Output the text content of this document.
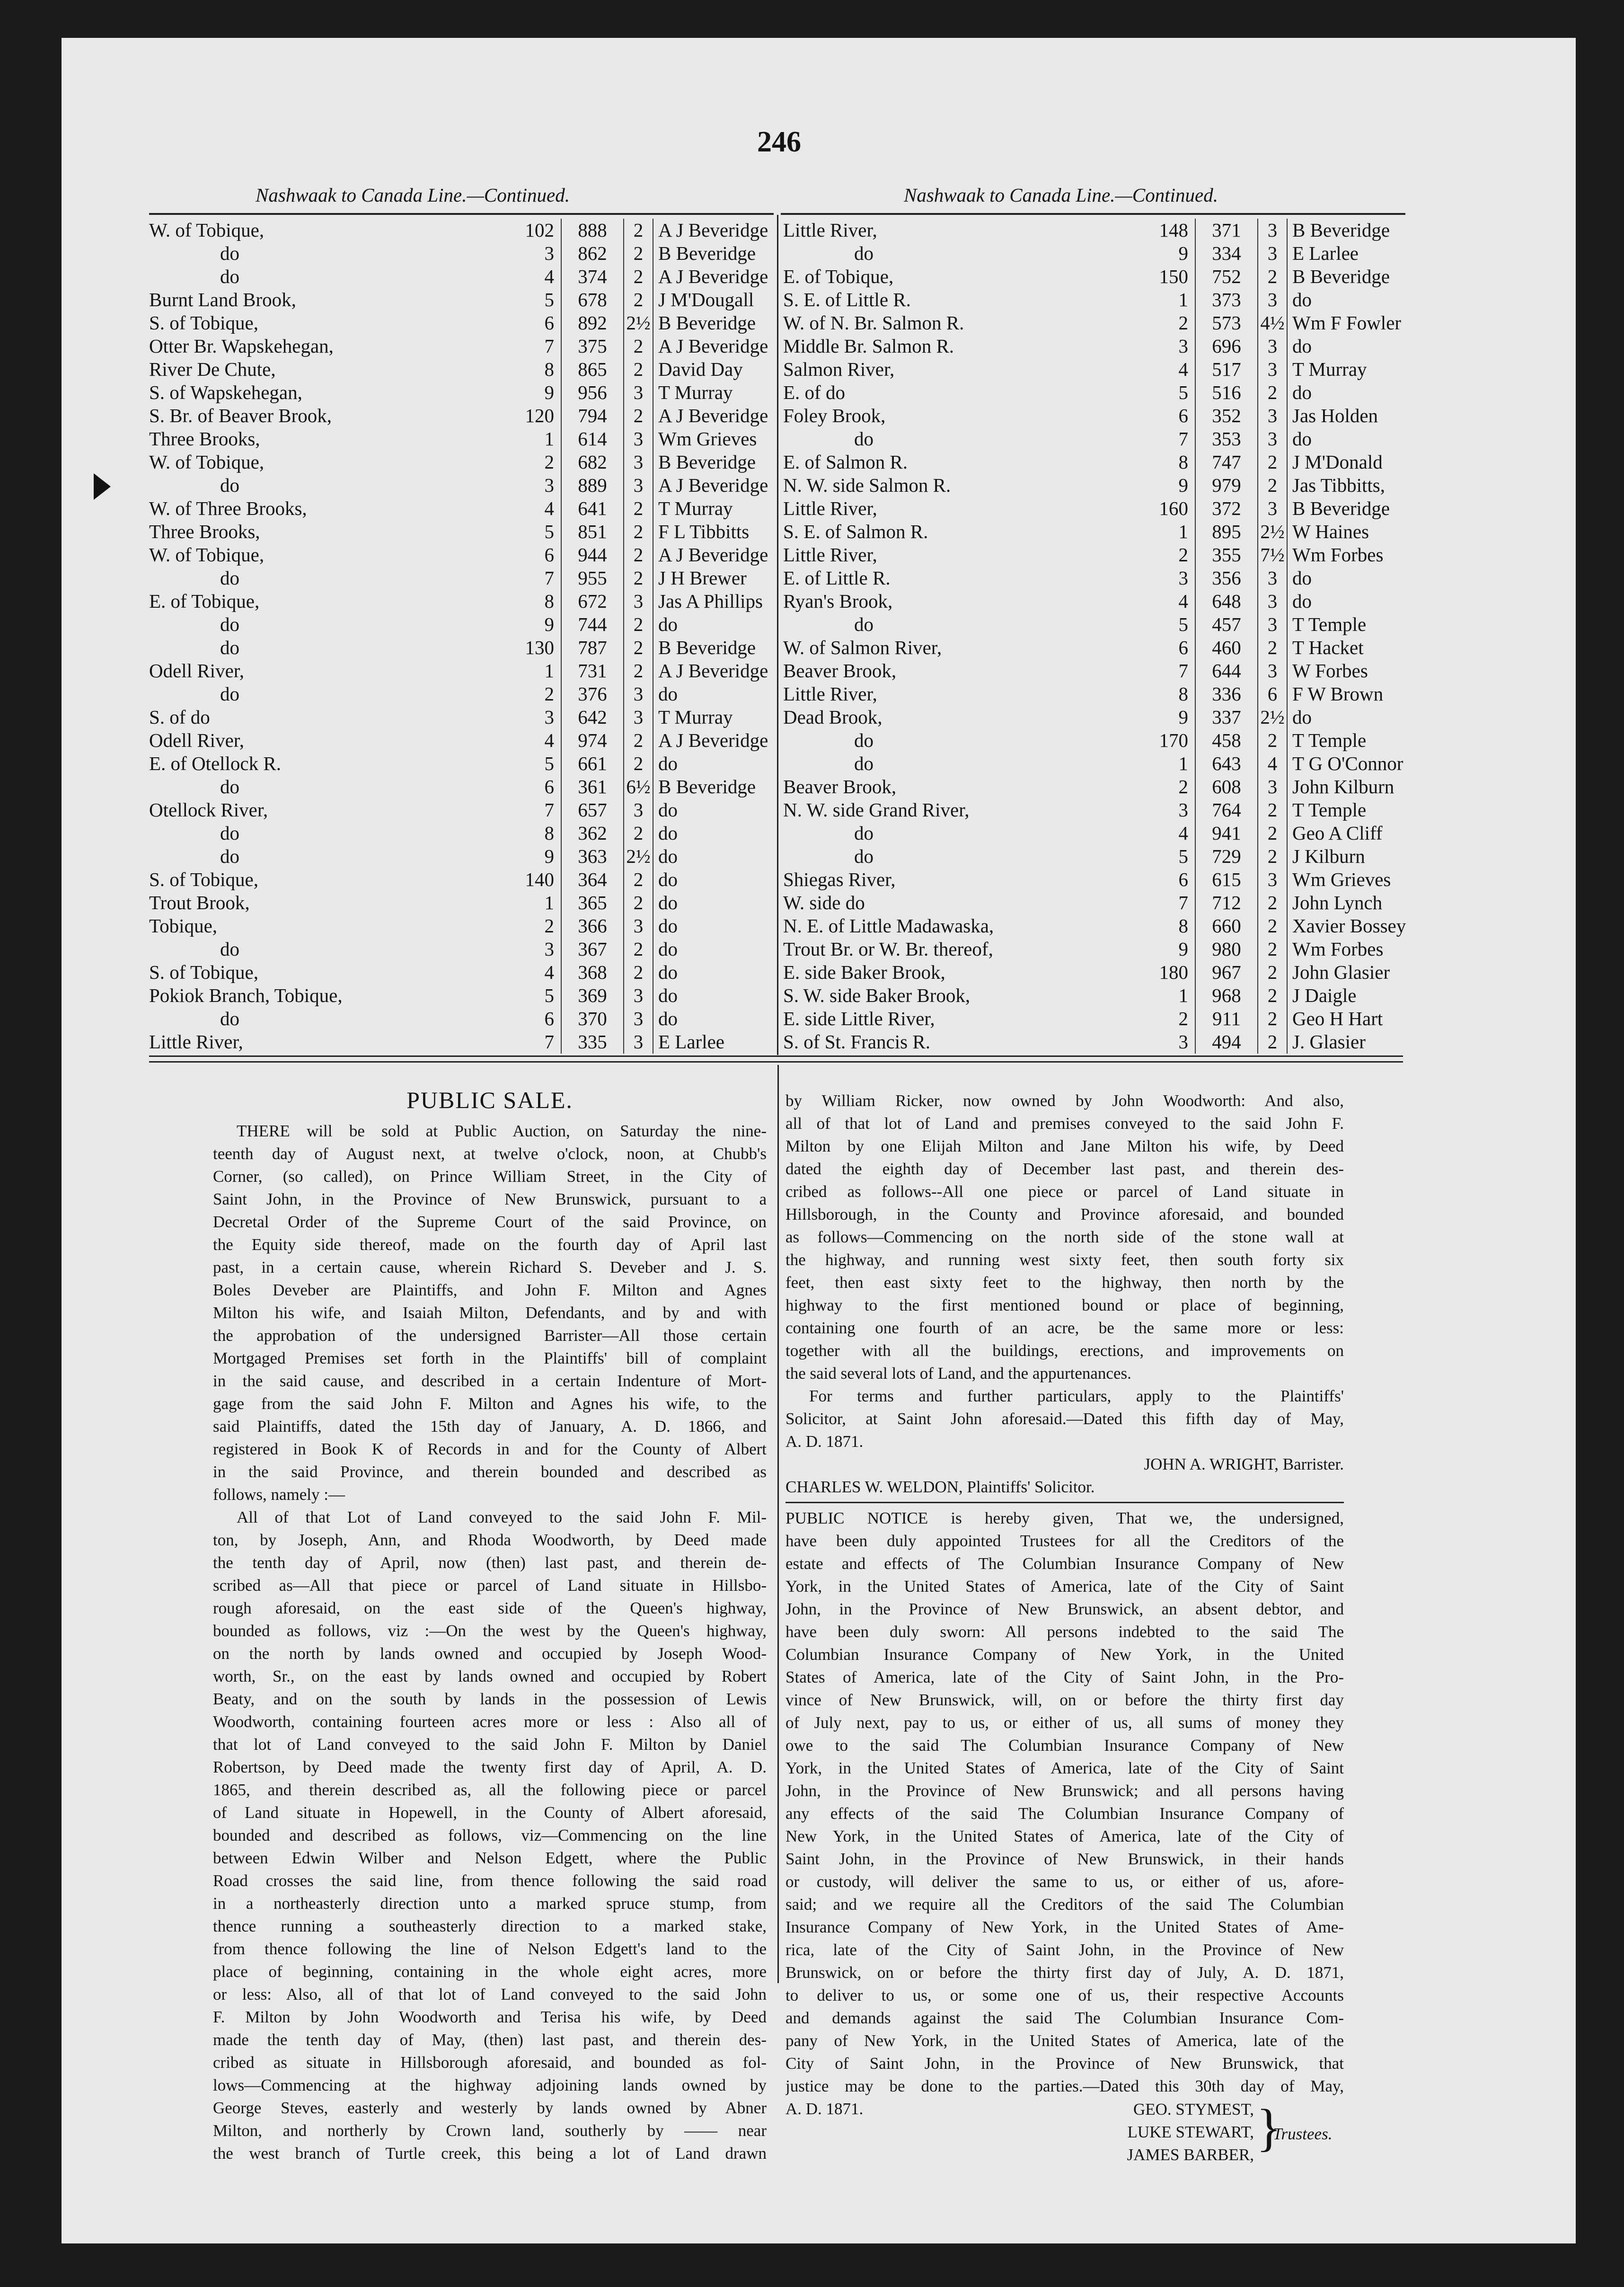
246
Nashwaak to Canada Line.—Continued.	Nashwaak to Canada Line.—Continued.
W. of Tobique,	102	888	2	A J Beveridge
do	3	862	2	B Beveridge
do	4	374	2	A J Beveridge
Burnt Land Brook,	5	678	2	J M'Dougall
S. of Tobique,	6	892	2½	B Beveridge
Otter Br. Wapskehegan,	7	375	2	A J Beveridge
River De Chute,	8	865	2	David Day
S. of Wapskehegan,	9	956	3	T Murray
S. Br. of Beaver Brook,	120	794	2	A J Beveridge
Three Brooks,	1	614	3	Wm Grieves
W. of Tobique,	2	682	3	B Beveridge
do	3	889	3	A J Beveridge
W. of Three Brooks,	4	641	2	T Murray
Three Brooks,	5	851	2	F L Tibbitts
W. of Tobique,	6	944	2	A J Beveridge
do	7	955	2	J H Brewer
E. of Tobique,	8	672	3	Jas A Phillips
do	9	744	2	do
do	130	787	2	B Beveridge
Odell River,	1	731	2	A J Beveridge
do	2	376	3	do
S. of do	3	642	3	T Murray
Odell River,	4	974	2	A J Beveridge
E. of Otellock R.	5	661	2	do
do	6	361	6½	B Beveridge
Otellock River,	7	657	3	do
do	8	362	2	do
do	9	363	2½	do
S. of Tobique,	140	364	2	do
Trout Brook,	1	365	2	do
Tobique,	2	366	3	do
do	3	367	2	do
S. of Tobique,	4	368	2	do
Pokiok Branch, Tobique,	5	369	3	do
do	6	370	3	do
Little River,	7	335	3	E Larlee
Little River,	148	371	3	B Beveridge
do	9	334	3	E Larlee
E. of Tobique,	150	752	2	B Beveridge
S. E. of Little R.	1	373	3	do
W. of N. Br. Salmon R.	2	573	4½	Wm F Fowler
Middle Br. Salmon R.	3	696	3	do
Salmon River,	4	517	3	T Murray
E. of do	5	516	2	do
Foley Brook,	6	352	3	Jas Holden
do	7	353	3	do
E. of Salmon R.	8	747	2	J M'Donald
N. W. side Salmon R.	9	979	2	Jas Tibbitts,
Little River,	160	372	3	B Beveridge
S. E. of Salmon R.	1	895	2½	W Haines
Little River,	2	355	7½	Wm Forbes
E. of Little R.	3	356	3	do
Ryan's Brook,	4	648	3	do
do	5	457	3	T Temple
W. of Salmon River,	6	460	2	T Hacket
Beaver Brook,	7	644	3	W Forbes
Little River,	8	336	6	F W Brown
Dead Brook,	9	337	2½	do
do	170	458	2	T Temple
do	1	643	4	T G O'Connor
Beaver Brook,	2	608	3	John Kilburn
N. W. side Grand River,	3	764	2	T Temple
do	4	941	2	Geo A Cliff
do	5	729	2	J Kilburn
Shiegas River,	6	615	3	Wm Grieves
W. side do	7	712	2	John Lynch
N. E. of Little Madawaska,	8	660	2	Xavier Bossey
Trout Br. or W. Br. thereof,	9	980	2	Wm Forbes
E. side Baker Brook,	180	967	2	John Glasier
S. W. side Baker Brook,	1	968	2	J Daigle
E. side Little River,	2	911	2	Geo H Hart
S. of St. Francis R.	3	494	2	J. Glasier
PUBLIC SALE.
THERE will be sold at Public Auction, on Saturday the nine-
teenth day of August next, at twelve o'clock, noon, at Chubb's
Corner, (so called), on Prince William Street, in the City of
Saint John, in the Province of New Brunswick, pursuant to a
Decretal Order of the Supreme Court of the said Province, on
the Equity side thereof, made on the fourth day of April last
past, in a certain cause, wherein Richard S. Deveber and J. S.
Boles Deveber are Plaintiffs, and John F. Milton and Agnes
Milton his wife, and Isaiah Milton, Defendants, and by and with
the approbation of the undersigned Barrister—All those certain
Mortgaged Premises set forth in the Plaintiffs' bill of complaint
in the said cause, and described in a certain Indenture of Mort-
gage from the said John F. Milton and Agnes his wife, to the
said Plaintiffs, dated the 15th day of January, A. D. 1866, and
registered in Book K of Records in and for the County of Albert
in the said Province, and therein bounded and described as
follows, namely :—
All of that Lot of Land conveyed to the said John F. Mil-
ton, by Joseph, Ann, and Rhoda Woodworth, by Deed made
the tenth day of April, now (then) last past, and therein de-
scribed as—All that piece or parcel of Land situate in Hillsbo-
rough aforesaid, on the east side of the Queen's highway,
bounded as follows, viz :—On the west by the Queen's highway,
on the north by lands owned and occupied by Joseph Wood-
worth, Sr., on the east by lands owned and occupied by Robert
Beaty, and on the south by lands in the possession of Lewis
Woodworth, containing fourteen acres more or less : Also all of
that lot of Land conveyed to the said John F. Milton by Daniel
Robertson, by Deed made the twenty first day of April, A. D.
1865, and therein described as, all the following piece or parcel
of Land situate in Hopewell, in the County of Albert aforesaid,
bounded and described as follows, viz—Commencing on the line
between Edwin Wilber and Nelson Edgett, where the Public
Road crosses the said line, from thence following the said road
in a northeasterly direction unto a marked spruce stump, from
thence running a southeasterly direction to a marked stake,
from thence following the line of Nelson Edgett's land to the
place of beginning, containing in the whole eight acres, more
or less: Also, all of that lot of Land conveyed to the said John
F. Milton by John Woodworth and Terisa his wife, by Deed
made the tenth day of May, (then) last past, and therein des-
cribed as situate in Hillsborough aforesaid, and bounded as fol-
lows—Commencing at the highway adjoining lands owned by
George Steves, easterly and westerly by lands owned by Abner
Milton, and northerly by Crown land, southerly by —— near
the west branch of Turtle creek, this being a lot of Land drawn
by William Ricker, now owned by John Woodworth: And also,
all of that lot of Land and premises conveyed to the said John F.
Milton by one Elijah Milton and Jane Milton his wife, by Deed
dated the eighth day of December last past, and therein des-
cribed as follows--All one piece or parcel of Land situate in
Hillsborough, in the County and Province aforesaid, and bounded
as follows—Commencing on the north side of the stone wall at
the highway, and running west sixty feet, then south forty six
feet, then east sixty feet to the highway, then north by the
highway to the first mentioned bound or place of beginning,
containing one fourth of an acre, be the same more or less:
together with all the buildings, erections, and improvements on
the said several lots of Land, and the appurtenances.
For terms and further particulars, apply to the Plaintiffs'
Solicitor, at Saint John aforesaid.—Dated this fifth day of May,
A. D. 1871.
JOHN A. WRIGHT, Barrister.
CHARLES W. WELDON, Plaintiffs' Solicitor.
PUBLIC NOTICE is hereby given, That we, the undersigned,
have been duly appointed Trustees for all the Creditors of the
estate and effects of The Columbian Insurance Company of New
York, in the United States of America, late of the City of Saint
John, in the Province of New Brunswick, an absent debtor, and
have been duly sworn: All persons indebted to the said The
Columbian Insurance Company of New York, in the United
States of America, late of the City of Saint John, in the Pro-
vince of New Brunswick, will, on or before the thirty first day
of July next, pay to us, or either of us, all sums of money they
owe to the said The Columbian Insurance Company of New
York, in the United States of America, late of the City of Saint
John, in the Province of New Brunswick; and all persons having
any effects of the said The Columbian Insurance Company of
New York, in the United States of America, late of the City of
Saint John, in the Province of New Brunswick, in their hands
or custody, will deliver the same to us, or either of us, afore-
said; and we require all the Creditors of the said The Columbian
Insurance Company of New York, in the United States of Ame-
rica, late of the City of Saint John, in the Province of New
Brunswick, on or before the thirty first day of July, A. D. 1871,
to deliver to us, or some one of us, their respective Accounts
and demands against the said The Columbian Insurance Com-
pany of New York, in the United States of America, late of the
City of Saint John, in the Province of New Brunswick, that
justice may be done to the parties.—Dated this 30th day of May,
A. D. 1871.	GEO. STYMEST,
LUKE STEWART,
JAMES BARBER, }
Trustees.
